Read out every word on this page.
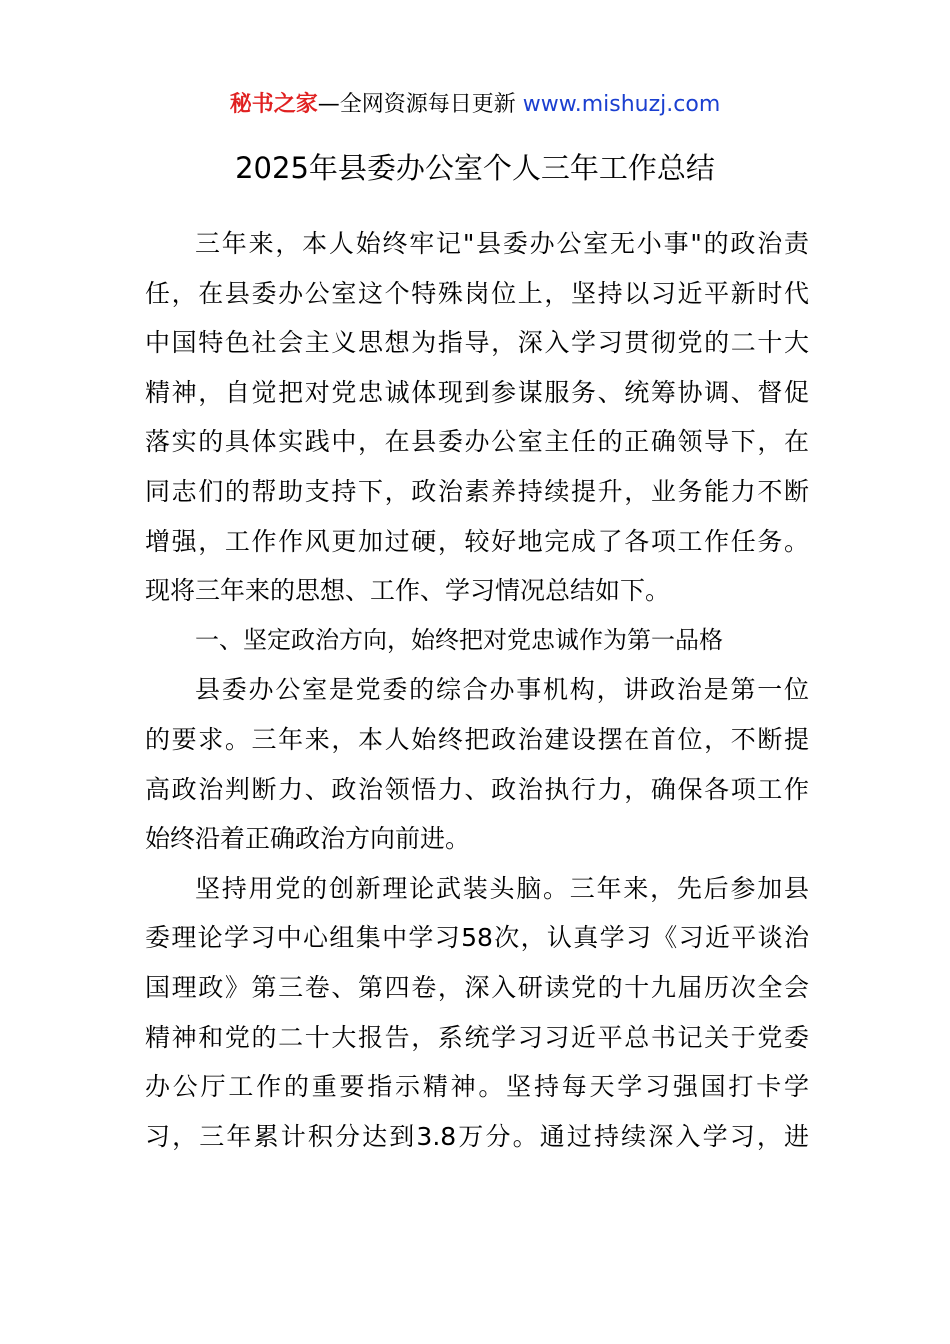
秘书之家—全网资源每日更新 www.mishuzj.com
2025年县委办公室个人三年工作总结
三年来，本人始终牢记"县委办公室无小事"的政治责
任，在县委办公室这个特殊岗位上，坚持以习近平新时代
中国特色社会主义思想为指导，深入学习贯彻党的二十大
精神，自觉把对党忠诚体现到参谋服务、统筹协调、督促
落实的具体实践中，在县委办公室主任的正确领导下，在
同志们的帮助支持下，政治素养持续提升，业务能力不断
增强，工作作风更加过硬，较好地完成了各项工作任务。
现将三年来的思想、工作、学习情况总结如下。
一、坚定政治方向，始终把对党忠诚作为第一品格
县委办公室是党委的综合办事机构，讲政治是第一位
的要求。三年来，本人始终把政治建设摆在首位，不断提
高政治判断力、政治领悟力、政治执行力，确保各项工作
始终沿着正确政治方向前进。
坚持用党的创新理论武装头脑。三年来，先后参加县
委理论学习中心组集中学习58次，认真学习《习近平谈治
国理政》第三卷、第四卷，深入研读党的十九届历次全会
精神和党的二十大报告，系统学习习近平总书记关于党委
办公厅工作的重要指示精神。坚持每天学习强国打卡学
习，三年累计积分达到3.8万分。通过持续深入学习，进
